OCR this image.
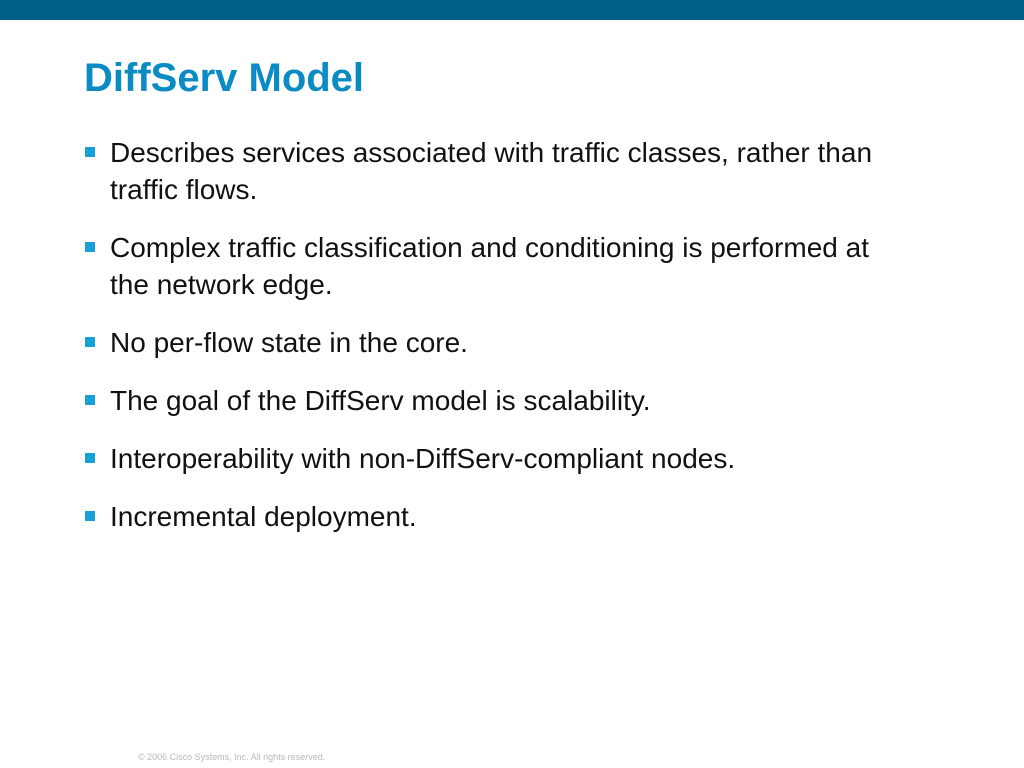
DiffServ Model
Describes services associated with traffic classes, rather than traffic flows.
Complex traffic classification and conditioning is performed at the network edge.
No per-flow state in the core.
The goal of the DiffServ model is scalability.
Interoperability with non-DiffServ-compliant nodes.
Incremental deployment.
© 2006 Cisco Systems, Inc. All rights reserved.
